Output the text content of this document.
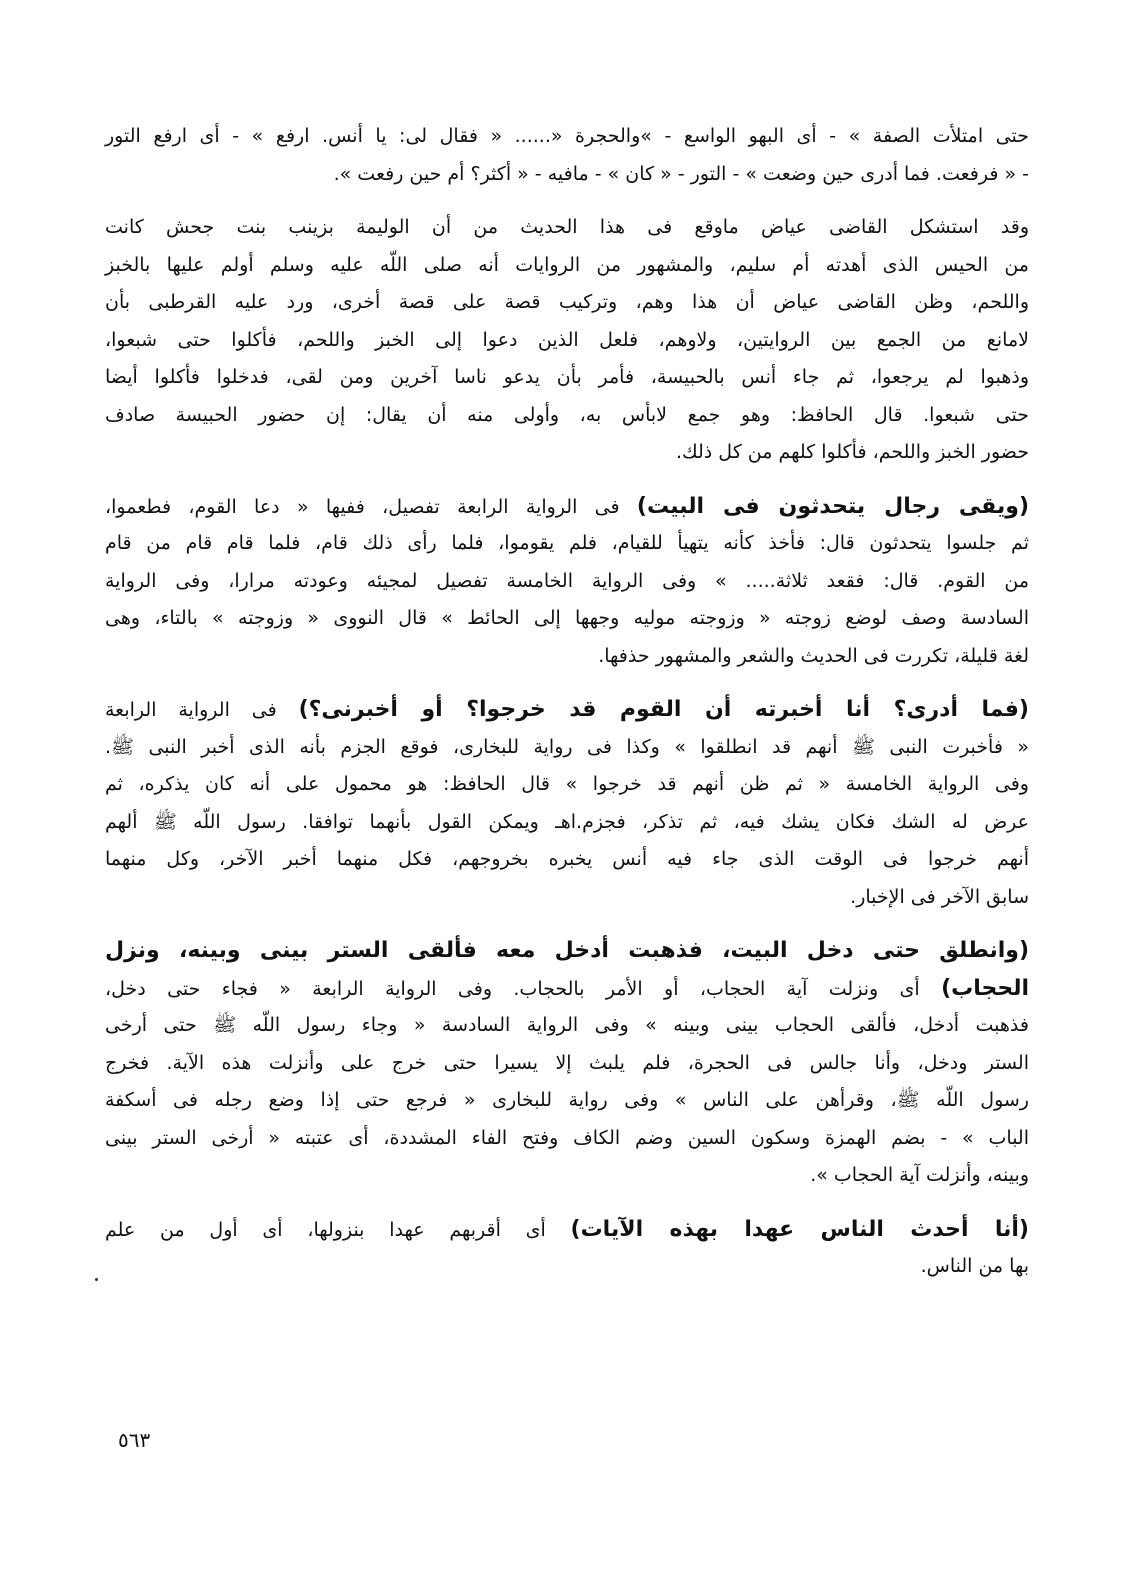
حتى امتلأت الصفة » - أى البهو الواسع - »والحجرة «...... « فقال لى: يا أنس. ارفع » - أى ارفع التور
- « فرفعت. فما أدرى حين وضعت » - التور - « كان » - مافيه - « أكثر؟ أم حين رفعت ».
وقد استشكل القاضى عياض ماوقع فى هذا الحديث من أن الوليمة بزينب بنت جحش كانت
من الحيس الذى أهدته أم سليم، والمشهور من الروايات أنه صلى اللّه عليه وسلم أولم عليها بالخبز
واللحم، وظن القاضى عياض أن هذا وهم، وتركيب قصة على قصة أخرى، ورد عليه القرطبى بأن
لامانع من الجمع بين الروايتين، ولاوهم، فلعل الذين دعوا إلى الخبز واللحم، فأكلوا حتى شبعوا،
وذهبوا لم يرجعوا، ثم جاء أنس بالحبيسة، فأمر بأن يدعو ناسا آخرين ومن لقى، فدخلوا فأكلوا أيضا
حتى شبعوا. قال الحافظ: وهو جمع لابأس به، وأولى منه أن يقال: إن حضور الحبيسة صادف
حضور الخبز واللحم، فأكلوا كلهم من كل ذلك.
(ويقى رجال يتحدثون فى البيت) فى الرواية الرابعة تفصيل، ففيها « دعا القوم، فطعموا،
ثم جلسوا يتحدثون قال: فأخذ كأنه يتهيأ للقيام، فلم يقوموا، فلما رأى ذلك قام، فلما قام قام من قام
من القوم. قال: فقعد ثلاثة..... » وفى الرواية الخامسة تفصيل لمجيئه وعودته مرارا، وفى الرواية
السادسة وصف لوضع زوجته « وزوجته موليه وجهها إلى الحائط » قال النووى « وزوجته » بالتاء، وهى
لغة قليلة، تكررت فى الحديث والشعر والمشهور حذفها.
(فما أدرى؟ أنا أخبرته أن القوم قد خرجوا؟ أو أخبرنى؟) فى الرواية الرابعة
« فأخبرت النبى ﷺ أنهم قد انطلقوا » وكذا فى رواية للبخارى، فوقع الجزم بأنه الذى أخبر النبى ﷺ.
وفى الرواية الخامسة « ثم ظن أنهم قد خرجوا » قال الحافظ: هو محمول على أنه كان يذكره، ثم
عرض له الشك فكان يشك فيه، ثم تذكر، فجزم.اهـ ويمكن القول بأنهما توافقا. رسول اللّه ﷺ ألهم
أنهم خرجوا فى الوقت الذى جاء فيه أنس يخبره بخروجهم، فكل منهما أخبر الآخر، وكل منهما
سابق الآخر فى الإخبار.
(وانطلق حتى دخل البيت، فذهبت أدخل معه فألقى الستر بينى وبينه، ونزل
الحجاب) أى ونزلت آية الحجاب، أو الأمر بالحجاب. وفى الرواية الرابعة « فجاء حتى دخل،
فذهبت أدخل، فألقى الحجاب بينى وبينه » وفى الرواية السادسة « وجاء رسول اللّه ﷺ حتى أرخى
الستر ودخل، وأنا جالس فى الحجرة، فلم يلبث إلا يسيرا حتى خرج على وأنزلت هذه الآية. فخرج
رسول اللّه ﷺ، وقرأهن على الناس » وفى رواية للبخارى « فرجع حتى إذا وضع رجله فى أسكفة
الباب » - بضم الهمزة وسكون السين وضم الكاف وفتح الفاء المشددة، أى عتبته « أرخى الستر بينى
وبينه، وأنزلت آية الحجاب ».
(أنا أحدث الناس عهدا بهذه الآيات) أى أقربهم عهدا بنزولها، أى أول من علم
بها من الناس.
٥٦٣
